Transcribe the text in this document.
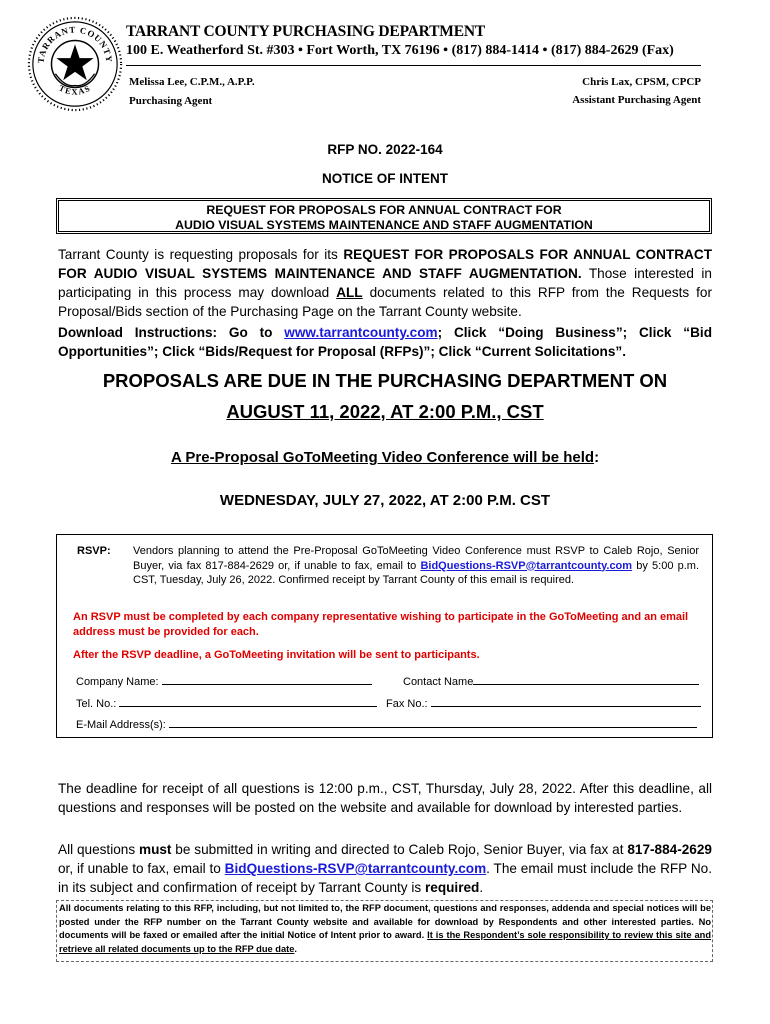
TARRANT COUNTY
TEXAS
TARRANT COUNTY PURCHASING DEPARTMENT
100 E. Weatherford St. #303 • Fort Worth, TX 76196 • (817) 884-1414 • (817) 884-2629 (Fax)
Melissa Lee, C.P.M., A.P.P.
Purchasing Agent
Chris Lax, CPSM, CPCP
Assistant Purchasing Agent
RFP NO. 2022-164
NOTICE OF INTENT
REQUEST FOR PROPOSALS FOR ANNUAL CONTRACT FOR
AUDIO VISUAL SYSTEMS MAINTENANCE AND STAFF AUGMENTATION
Tarrant County is requesting proposals for its REQUEST FOR PROPOSALS FOR ANNUAL CONTRACT FOR AUDIO VISUAL SYSTEMS MAINTENANCE AND STAFF AUGMENTATION. Those interested in participating in this process may download ALL documents related to this RFP from the Requests for Proposal/Bids section of the Purchasing Page on the Tarrant County website.
Download Instructions: Go to www.tarrantcounty.com; Click “Doing Business”; Click “Bid Opportunities”; Click “Bids/Request for Proposal (RFPs)”; Click “Current Solicitations”.
PROPOSALS ARE DUE IN THE PURCHASING DEPARTMENT ON
AUGUST 11, 2022, AT 2:00 P.M., CST
A Pre-Proposal GoToMeeting Video Conference will be held:
WEDNESDAY, JULY 27, 2022, AT 2:00 P.M. CST
RSVP: Vendors planning to attend the Pre-Proposal GoToMeeting Video Conference must RSVP to Caleb Rojo, Senior Buyer, via fax 817-884-2629 or, if unable to fax, email to BidQuestions-RSVP@tarrantcounty.com by 5:00 p.m. CST, Tuesday, July 26, 2022. Confirmed receipt by Tarrant County of this email is required.
An RSVP must be completed by each company representative wishing to participate in the GoToMeeting and an email address must be provided for each.
After the RSVP deadline, a GoToMeeting invitation will be sent to participants.
Company Name:	Contact Name
Tel. No.:	Fax No.:
E-Mail Address(s):
The deadline for receipt of all questions is 12:00 p.m., CST, Thursday, July 28, 2022. After this deadline, all questions and responses will be posted on the website and available for download by interested parties.
All questions must be submitted in writing and directed to Caleb Rojo, Senior Buyer, via fax at 817-884-2629 or, if unable to fax, email to BidQuestions-RSVP@tarrantcounty.com. The email must include the RFP No. in its subject and confirmation of receipt by Tarrant County is required.
All documents relating to this RFP, including, but not limited to, the RFP document, questions and responses, addenda and special notices will be posted under the RFP number on the Tarrant County website and available for download by Respondents and other interested parties. No documents will be faxed or emailed after the initial Notice of Intent prior to award. It is the Respondent’s sole responsibility to review this site and retrieve all related documents up to the RFP due date.
